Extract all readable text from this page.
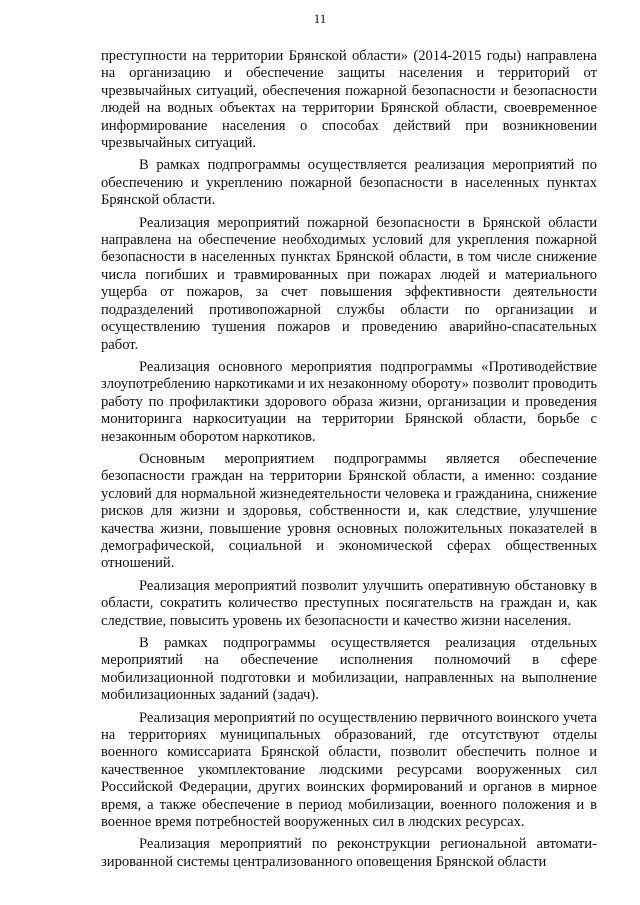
11

преступности на территории Брянской области» (2014-2015 годы) направлена на организацию и обеспечение защиты населения и территорий от чрезвычайных ситуаций, обеспечения пожарной безопасности и безопасности людей на водных объектах на территории Брянской области, своевременное информирование населения о способах действий при возникновении чрезвычайных ситуаций.

В рамках подпрограммы осуществляется реализация мероприятий по обеспечению и укреплению пожарной безопасности в населенных пунктах Брянской области.

Реализация мероприятий пожарной безопасности в Брянской области направлена на обеспечение необходимых условий для укрепления пожарной безопасности в населенных пунктах Брянской области, в том числе снижение числа погибших и травмированных при пожарах людей и материального ущерба от пожаров, за счет повышения эффективности деятельности подразделений противопожарной службы области по организации и осуществлению тушения пожаров и проведению аварийно-спасательных работ.

Реализация основного мероприятия подпрограммы «Противодействие злоупотреблению наркотиками и их незаконному обороту» позволит проводить работу по профилактики здорового образа жизни, организации и проведения мониторинга наркоситуации на территории Брянской области, борьбе с незаконным оборотом наркотиков.

Основным мероприятием подпрограммы является обеспечение безопасности граждан на территории Брянской области, а именно: создание условий для нормальной жизнедеятельности человека и гражданина, снижение рисков для жизни и здоровья, собственности и, как следствие, улучшение качества жизни, повышение уровня основных положительных показателей в демографической, социальной и экономической сферах общественных отношений.

Реализация мероприятий позволит улучшить оперативную обстановку в области, сократить количество преступных посягательств на граждан и, как следствие, повысить уровень их безопасности и качество жизни населения.

В рамках подпрограммы осуществляется реализация отдельных мероприятий на обеспечение исполнения полномочий в сфере мобилизационной подготовки и мобилизации, направленных на выполнение мобилизационных заданий (задач).

Реализация мероприятий по осуществлению первичного воинского учета на территориях муниципальных образований, где отсутствуют отделы военного комиссариата Брянской области, позволит обеспечить полное и качественное укомплектование людскими ресурсами вооруженных сил Российской Федерации, других воинских формирований и органов в мирное время, а также обеспечение в период мобилизации, военного положения и в военное время потребностей вооруженных сил в людских ресурсах.

Реализация мероприятий по реконструкции региональной автоматизированной системы централизованного оповещения Брянской области
